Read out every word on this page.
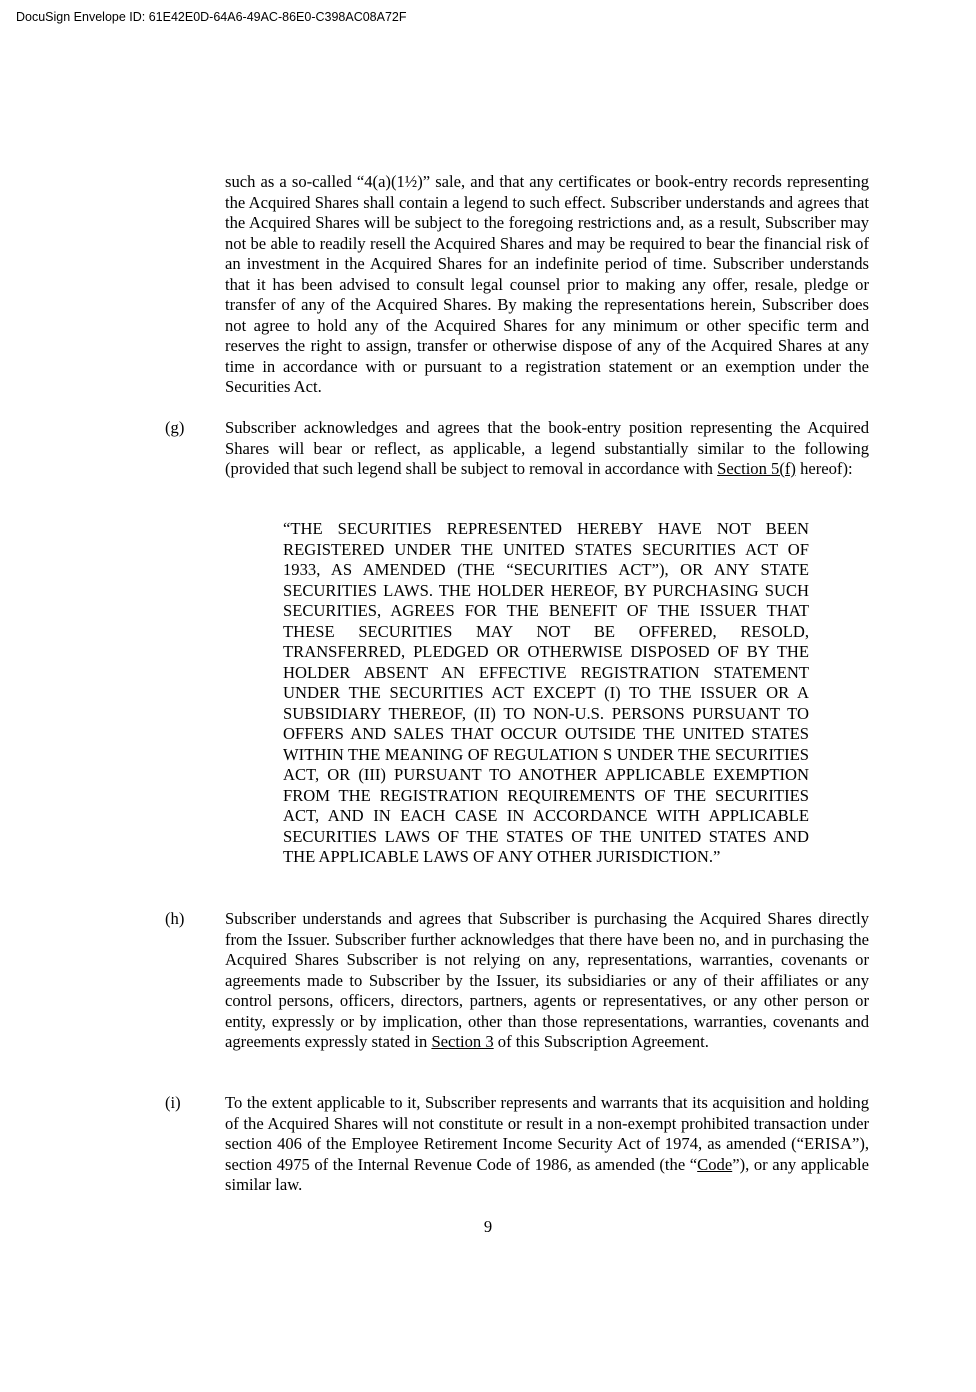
DocuSign Envelope ID: 61E42E0D-64A6-49AC-86E0-C398AC08A72F

such as a so-called “4(a)(1½)” sale, and that any certificates or book-entry records representing the Acquired Shares shall contain a legend to such effect. Subscriber understands and agrees that the Acquired Shares will be subject to the foregoing restrictions and, as a result, Subscriber may not be able to readily resell the Acquired Shares and may be required to bear the financial risk of an investment in the Acquired Shares for an indefinite period of time. Subscriber understands that it has been advised to consult legal counsel prior to making any offer, resale, pledge or transfer of any of the Acquired Shares. By making the representations herein, Subscriber does not agree to hold any of the Acquired Shares for any minimum or other specific term and reserves the right to assign, transfer or otherwise dispose of any of the Acquired Shares at any time in accordance with or pursuant to a registration statement or an exemption under the Securities Act.

(g) Subscriber acknowledges and agrees that the book-entry position representing the Acquired Shares will bear or reflect, as applicable, a legend substantially similar to the following (provided that such legend shall be subject to removal in accordance with Section 5(f) hereof):

“THE SECURITIES REPRESENTED HEREBY HAVE NOT BEEN REGISTERED UNDER THE UNITED STATES SECURITIES ACT OF 1933, AS AMENDED (THE “SECURITIES ACT”), OR ANY STATE SECURITIES LAWS. THE HOLDER HEREOF, BY PURCHASING SUCH SECURITIES, AGREES FOR THE BENEFIT OF THE ISSUER THAT THESE SECURITIES MAY NOT BE OFFERED, RESOLD, TRANSFERRED, PLEDGED OR OTHERWISE DISPOSED OF BY THE HOLDER ABSENT AN EFFECTIVE REGISTRATION STATEMENT UNDER THE SECURITIES ACT EXCEPT (I) TO THE ISSUER OR A SUBSIDIARY THEREOF, (II) TO NON-U.S. PERSONS PURSUANT TO OFFERS AND SALES THAT OCCUR OUTSIDE THE UNITED STATES WITHIN THE MEANING OF REGULATION S UNDER THE SECURITIES ACT, OR (III) PURSUANT TO ANOTHER APPLICABLE EXEMPTION FROM THE REGISTRATION REQUIREMENTS OF THE SECURITIES ACT, AND IN EACH CASE IN ACCORDANCE WITH APPLICABLE SECURITIES LAWS OF THE STATES OF THE UNITED STATES AND THE APPLICABLE LAWS OF ANY OTHER JURISDICTION.”

(h) Subscriber understands and agrees that Subscriber is purchasing the Acquired Shares directly from the Issuer. Subscriber further acknowledges that there have been no, and in purchasing the Acquired Shares Subscriber is not relying on any, representations, warranties, covenants or agreements made to Subscriber by the Issuer, its subsidiaries or any of their affiliates or any control persons, officers, directors, partners, agents or representatives, or any other person or entity, expressly or by implication, other than those representations, warranties, covenants and agreements expressly stated in Section 3 of this Subscription Agreement.

(i)	To the extent applicable to it, Subscriber represents and warrants that its acquisition and holding of the Acquired Shares will not constitute or result in a non-exempt prohibited transaction under section 406 of the Employee Retirement Income Security Act of 1974, as amended (“ERISA”), section 4975 of the Internal Revenue Code of 1986, as amended (the “Code”), or any applicable similar law.

9
